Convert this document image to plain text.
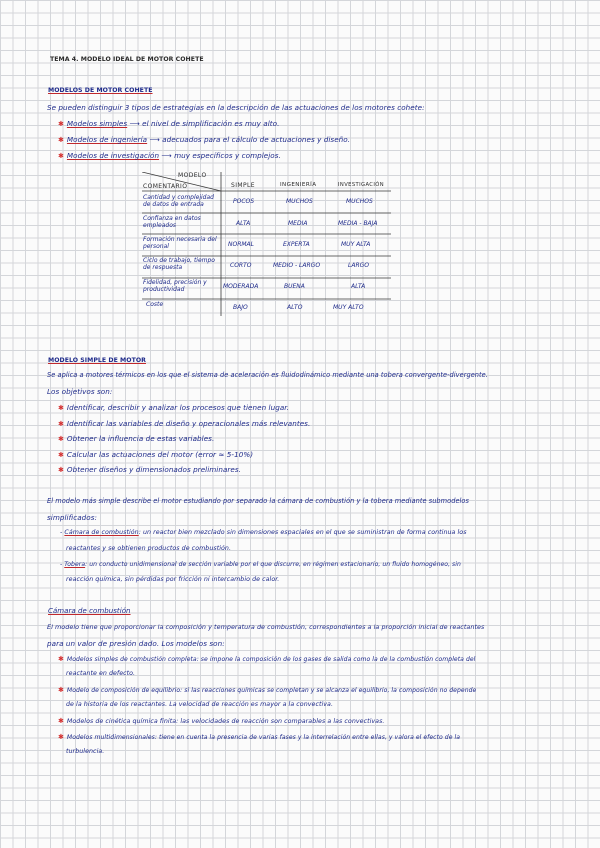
TEMA 4. MODELO IDEAL DE MOTOR COHETE
MODELOS DE MOTOR COHETE
Se pueden distinguir 3 tipos de estrategias en la descripción de las actuaciones de los motores cohete:
✱ Modelos simples ⟶ el nivel de simplificación es muy alto.
✱ Modelos de ingeniería ⟶ adecuados para el cálculo de actuaciones y diseño.
✱ Modelos de investigación ⟶ muy específicos y complejos.
MODELO
COMENTARIO	SIMPLE	INGENIERÍA	INVESTIGACIÓN
Cantidad y complejidad de datos de entrada	POCOS	MUCHOS	MUCHOS
Confianza en datos empleados	ALTA	MEDIA	MEDIA - BAJA
Formación necesaria del personal	NORMAL	EXPERTA	MUY ALTA
Ciclo de trabajo, tiempo de respuesta	CORTO	MEDIO - LARGO	LARGO
Fidelidad, precisión y productividad	MODERADA	BUENA	ALTA
Coste	BAJO	ALTO	MUY ALTO
MODELO SIMPLE DE MOTOR
Se aplica a motores térmicos en los que el sistema de aceleración es fluidodinámico mediante una tobera convergente-divergente.
Los objetivos son:
✱ Identificar, describir y analizar los procesos que tienen lugar.
✱ Identificar las variables de diseño y operacionales más relevantes.
✱ Obtener la influencia de estas variables.
✱ Calcular las actuaciones del motor (error ≈ 5-10%)
✱ Obtener diseños y dimensionados preliminares.
El modelo más simple describe el motor estudiando por separado la cámara de combustión y la tobera mediante submodelos
simplificados:
- Cámara de combustión: un reactor bien mezclado sin dimensiones espaciales en el que se suministran de forma continua los
reactantes y se obtienen productos de combustión.
- Tobera: un conducto unidimensional de sección variable por el que discurre, en régimen estacionario, un fluido homogéneo, sin
reacción química, sin pérdidas por fricción ni intercambio de calor.
Cámara de combustión
El modelo tiene que proporcionar la composición y temperatura de combustión, correspondientes a la proporción inicial de reactantes
para un valor de presión dado. Los modelos son:
✱ Modelos simples de combustión completa: se impone la composición de los gases de salida como la de la combustión completa del
reactante en defecto.
✱ Modelo de composición de equilibrio: si las reacciones químicas se completan y se alcanza el equilibrio, la composición no depende
de la historia de los reactantes. La velocidad de reacción es mayor a la convectiva.
✱ Modelos de cinética química finita: las velocidades de reacción son comparables a las convectivas.
✱ Modelos multidimensionales: tiene en cuenta la presencia de varias fases y la interrelación entre ellas, y valora el efecto de la
turbulencia.
